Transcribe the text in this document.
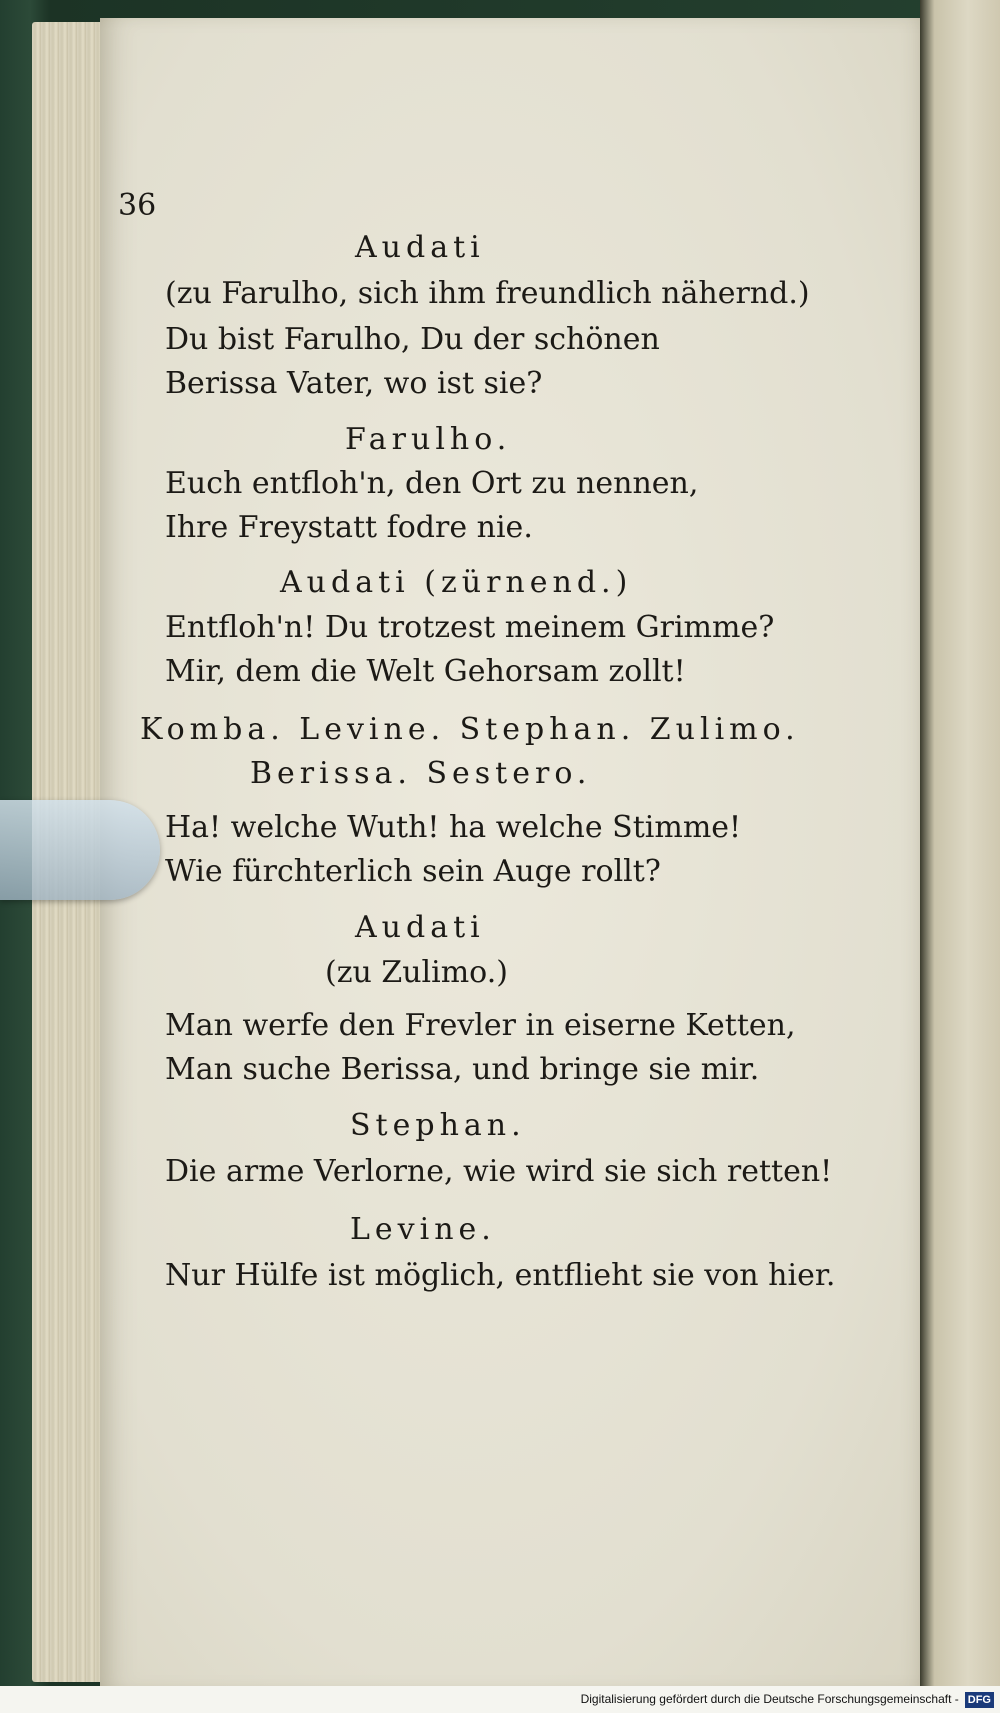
36
Audati
(zu Farulho, sich ihm freundlich nähernd.)
Du bist Farulho, Du der schönen
Berissa Vater, wo ist sie?
Farulho.
Euch entfloh'n, den Ort zu nennen,
Ihre Freystatt fodre nie.
Audati (zürnend.)
Entfloh'n! Du trotzest meinem Grimme?
Mir, dem die Welt Gehorsam zollt!
Komba. Levine. Stephan. Zulimo.
Berissa. Sestero.
Ha! welche Wuth! ha welche Stimme!
Wie fürchterlich sein Auge rollt?
Audati
(zu Zulimo.)
Man werfe den Frevler in eiserne Ketten,
Man suche Berissa, und bringe sie mir.
Stephan.
Die arme Verlorne, wie wird sie sich retten!
Levine.
Nur Hülfe ist möglich, entflieht sie von hier.
Digitalisierung gefördert durch die Deutsche Forschungsgemeinschaft - DFG
